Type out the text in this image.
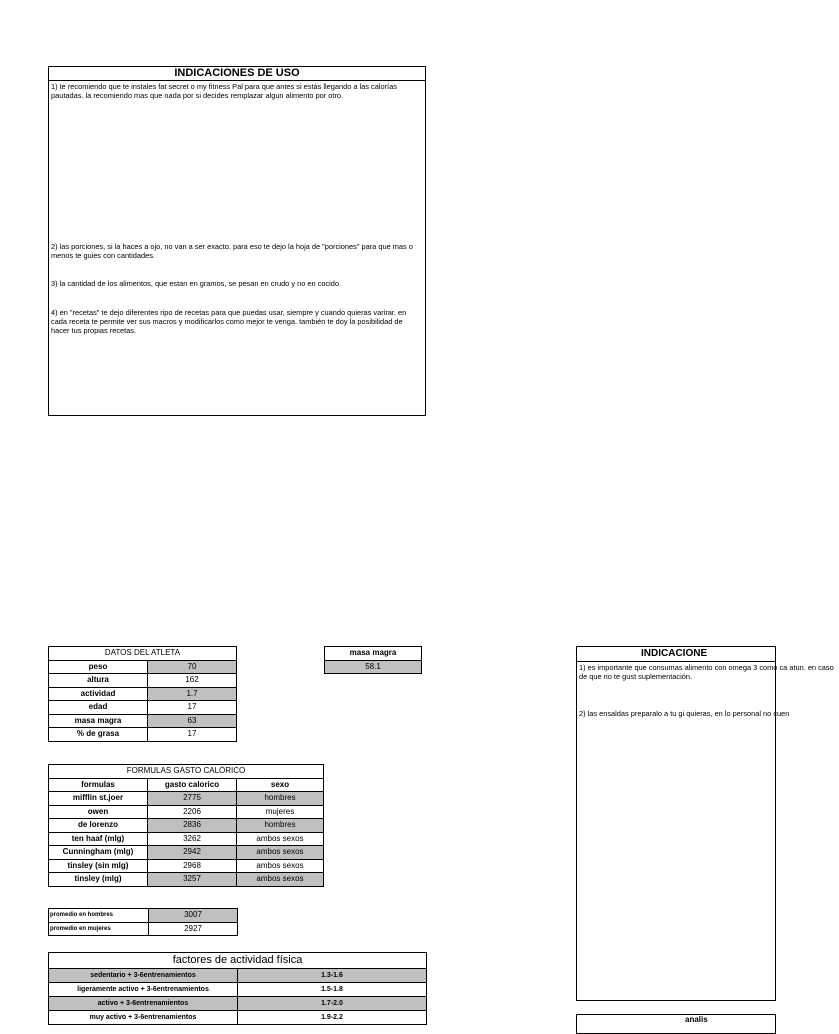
INDICACIONES DE USO
1) te recomiendo que te instales fat secret o my fitness Pal para que antes si estás llegando a las calorías pautadas. la recomiendo mas que nada por si decides remplazar algun alimento por otro.
2) las porciones, si la haces a ojo, no van a ser exacto. para eso te dejo la hoja de "porciones" para que mas o menos te guies con cantidades.
3) la cantidad de los alimentos, que estan en gramos, se pesan en crudo y no en cocido.
4) en "recetas" te dejo diferentes ripo de recetas para que puedas usar, siempre y cuando quieras varirar. en cada receta te permite ver sus macros y modificarlos como mejor te venga. también te doy la posibilidad de hacer tus propias recetas.
DATOS DEL ATLETA	
peso	70
altura	162
actividad	1.7
edad	17
masa magra	63
% de grasa	17
masa magra
58.1
FORMULAS GASTO CALÓRICO		
formulas	gasto calorico	sexo
mifflin st.joer	2775	hombres
owen	2206	mujeres
de lorenzo	2836	hombres
ten haaf (mlg)	3262	ambos sexos
Cunningham (mlg)	2942	ambos sexos
tinsley (sin mlg)	2968	ambos sexos
tinsley (mlg)	3257	ambos sexos
promedio en hombres	3007
promedio en mujeres	2927
factores de actividad física	
sedentario + 3-6entrenamientos	1.3-1.6
ligeramente activo + 3-6entrenamientos	1.5-1.8
activo + 3-6entrenamientos	1.7-2.0
muy activo + 3-6entrenamientos	1.9-2.2
INDICACIONE
1) es importante que consumas alimento con omega 3 como ca atun. en caso de que no te gust suplementación.
2) las ensaldas preparalo a tu gi quieras, en lo personal no cuen
analis
